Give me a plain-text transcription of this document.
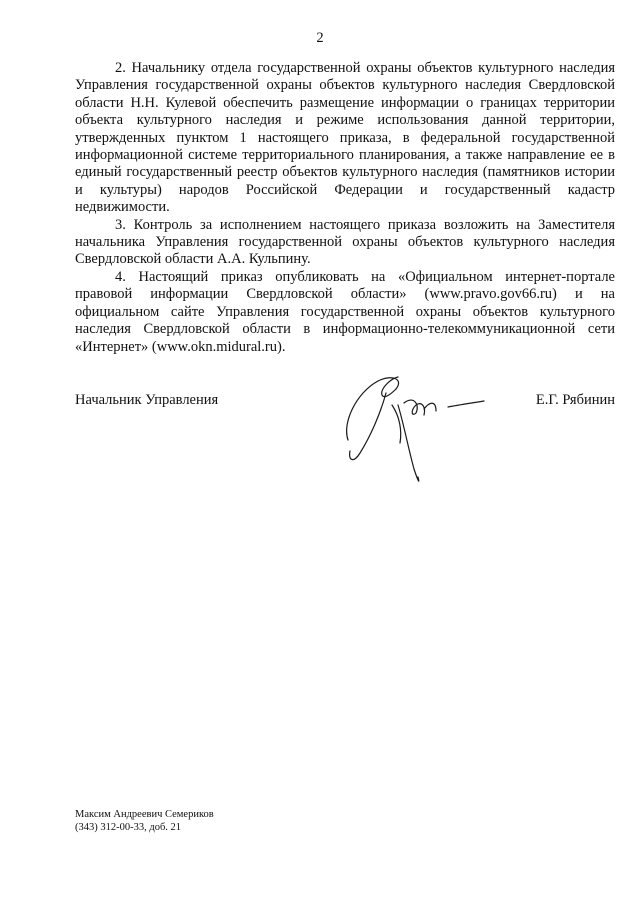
2

2. Начальнику отдела государственной охраны объектов культурного наследия Управления государственной охраны объектов культурного наследия Свердловской области Н.Н. Кулевой обеспечить размещение информации о границах территории объекта культурного наследия и режиме использования данной территории, утвержденных пунктом 1 настоящего приказа, в федеральной государственной информационной системе территориального планирования, а также направление ее в единый государственный реестр объектов культурного наследия (памятников истории и культуры) народов Российской Федерации и государственный кадастр недвижимости.

3. Контроль за исполнением настоящего приказа возложить на Заместителя начальника Управления государственной охраны объектов культурного наследия Свердловской области А.А. Кульпину.

4. Настоящий приказ опубликовать на «Официальном интернет-портале правовой информации Свердловской области» (www.pravo.gov66.ru) и на официальном сайте Управления государственной охраны объектов культурного наследия Свердловской области в информационно-телекоммуникационной сети «Интернет» (www.okn.midural.ru).

Начальник Управления	Е.Г. Рябинин
Максим Андреевич Семериков
(343) 312-00-33, доб. 21
